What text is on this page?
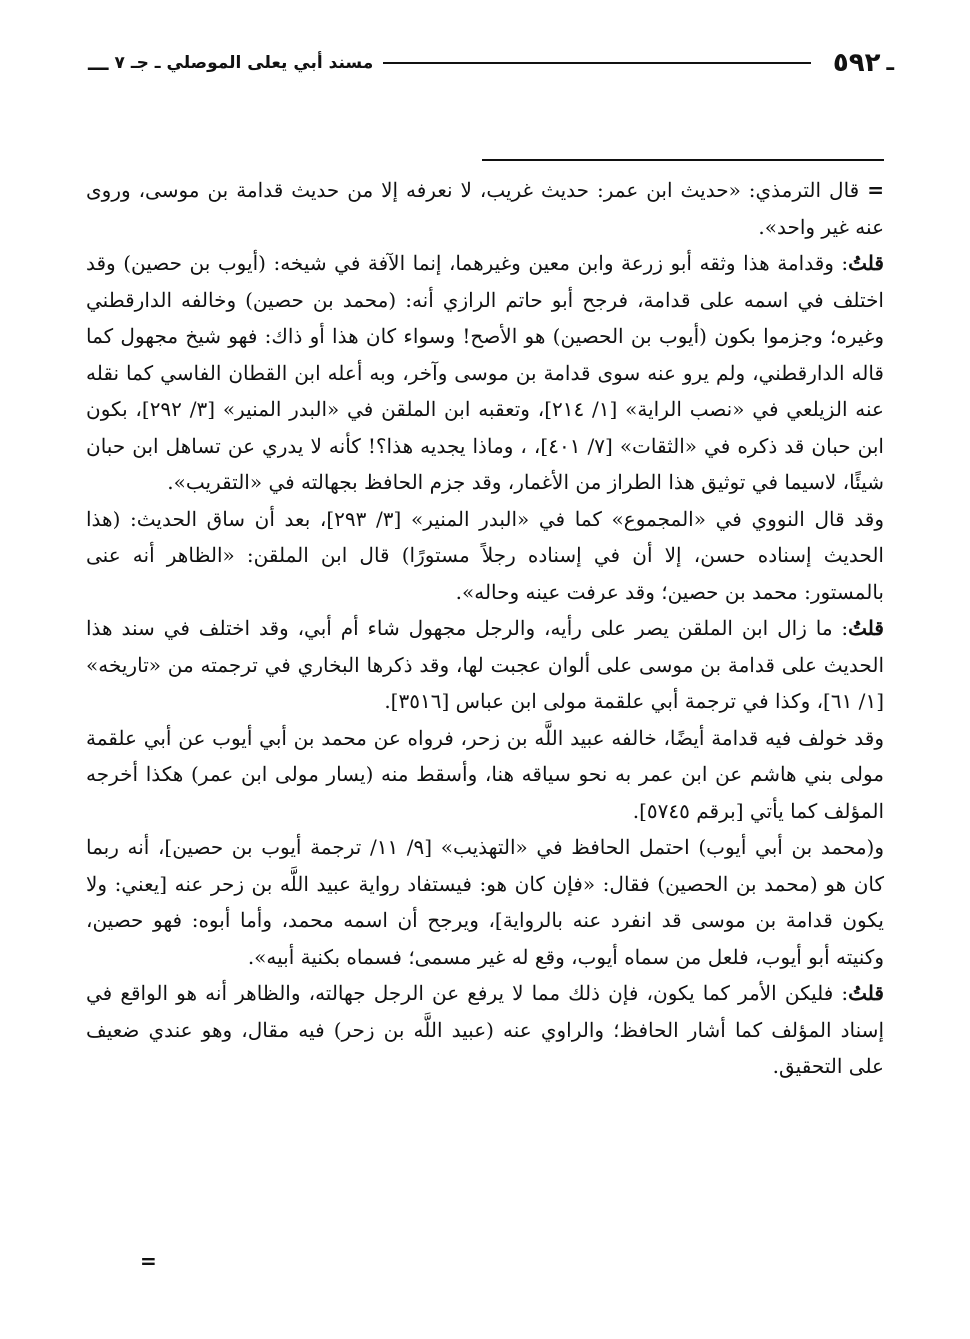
ـ
٥٩٢
مسند أبي يعلى الموصلي ـ جـ ٧
ـــ

=قال الترمذي: «حديث ابن عمر: حديث غريب، لا نعرفه إلا من حديث قدامة بن موسى، وروى عنه غير واحد».

قلتُ: وقدامة هذا وثقه أبو زرعة وابن معين وغيرهما، إنما الآفة في شيخه: (أيوب بن حصين) وقد اختلف في اسمه على قدامة، فرجح أبو حاتم الرازي أنه: (محمد بن حصين) وخالفه الدارقطني وغيره؛ وجزموا بكون (أيوب بن الحصين) هو الأصح! وسواء كان هذا أو ذاك: فهو شيخ مجهول كما قاله الدارقطني، ولم يرو عنه سوى قدامة بن موسى وآخر، وبه أعله ابن القطان الفاسي كما نقله عنه الزيلعي في «نصب الراية» [١/ ٢١٤]، وتعقبه ابن الملقن في «البدر المنير» [٣/ ٢٩٢]، بكون ابن حبان قد ذكره في «الثقات» [٧/ ٤٠١]، ، وماذا يجديه هذا؟! كأنه لا يدري عن تساهل ابن حبان شيئًا، لاسيما في توثيق هذا الطراز من الأغمار، وقد جزم الحافظ بجهالته في «التقريب».

وقد قال النووي في «المجموع» كما في «البدر المنير» [٣/ ٢٩٣]، بعد أن ساق الحديث: (هذا الحديث إسناده حسن، إلا أن في إسناده رجلاً مستورًا) قال ابن الملقن: «الظاهر أنه عنى بالمستور: محمد بن حصين؛ وقد عرفت عينه وحاله».

قلتُ: ما زال ابن الملقن يصر على رأيه، والرجل مجهول شاء أم أبي، وقد اختلف في سند هذا الحديث على قدامة بن موسى على ألوان عجبت لها، وقد ذكرها البخاري في ترجمته من «تاريخه» [١/ ٦١]، وكذا في ترجمة أبي علقمة مولى ابن عباس [٣٥١٦].

وقد خولف فيه قدامة أيضًا، خالفه عبيد اللَّه بن زحر، فرواه عن محمد بن أبي أيوب عن أبي علقمة مولى بني هاشم عن ابن عمر به نحو سياقه هنا، وأسقط منه (يسار مولى ابن عمر) هكذا أخرجه المؤلف كما يأتي [برقم ٥٧٤٥].

و(محمد بن أبي أيوب) احتمل الحافظ في «التهذيب» [٩/ ١١/ ترجمة أيوب بن حصين]، أنه ربما كان هو (محمد بن الحصين) فقال: «فإن كان هو: فيستفاد رواية عبيد اللَّه بن زحر عنه [يعني: ولا يكون قدامة بن موسى قد انفرد عنه بالرواية]، ويرجح أن اسمه محمد، وأما أبوه: فهو حصين، وكنيته أبو أيوب، فلعل من سماه أيوب، وقع له غير مسمى؛ فسماه بكنية أبيه».

قلتُ: فليكن الأمر كما يكون، فإن ذلك مما لا يرفع عن الرجل جهالته، والظاهر أنه هو الواقع في إسناد المؤلف كما أشار الحافظ؛ والراوي عنه (عبيد اللَّه بن زحر) فيه مقال، وهو عندي ضعيف على التحقيق.

=
